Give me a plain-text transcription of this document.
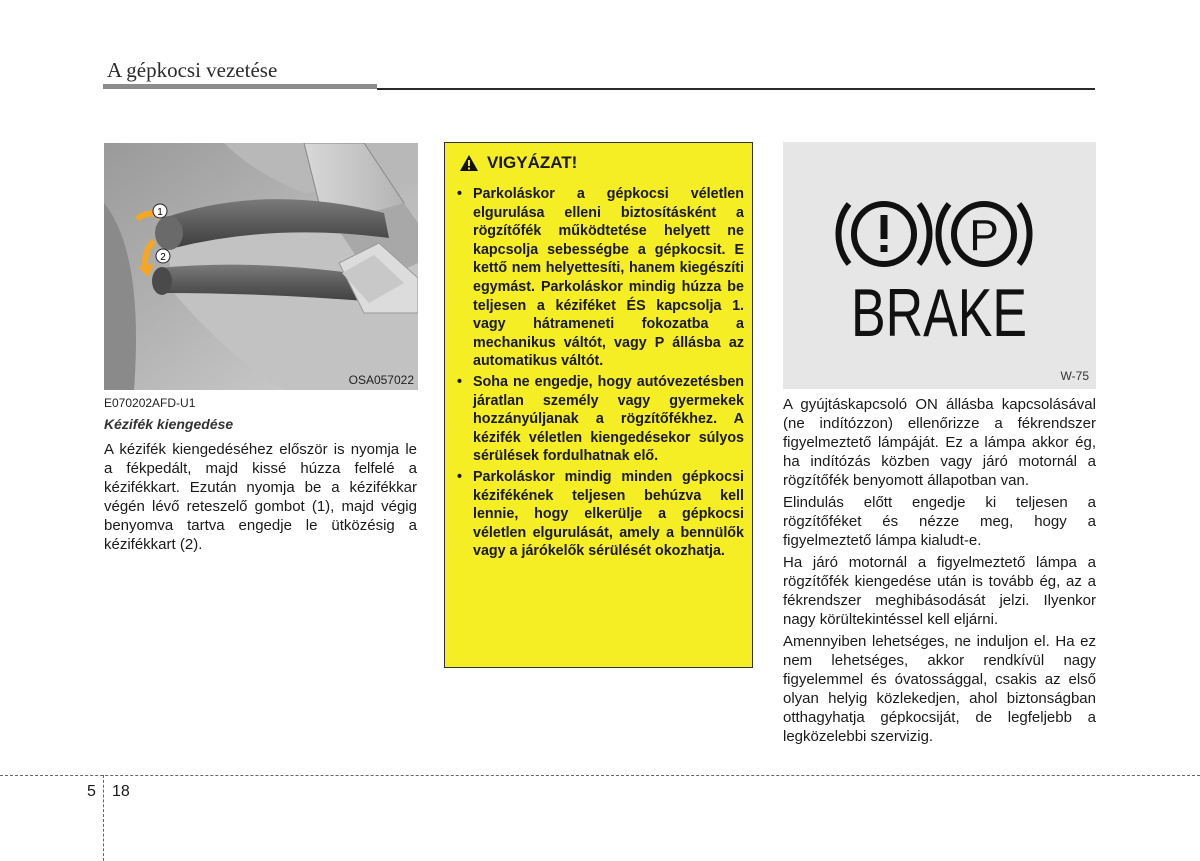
A gépkocsi vezetése
1
2
OSA057022
E070202AFD-U1
Kézifék kiengedése

A kézifék kiengedéséhez először is nyomja le a fékpedált, majd kissé húzza felfelé a kézifékkart. Ezután nyomja be a kézifékkar végén lévő reteszelő gombot (1), majd végig benyomva tartva engedje le ütközésig a kézifékkart (2).

VIGYÁZAT!
• Parkoláskor a gépkocsi véletlen elgurulása elleni biztosításként a rögzítőfék működtetése helyett ne kapcsolja sebességbe a gépkocsit. E kettő nem helyettesíti, hanem kiegészíti egymást. Parkoláskor mindig húzza be teljesen a kéziféket ÉS kapcsolja 1. vagy hátrameneti fokozatba a mechanikus váltót, vagy P állásba az automatikus váltót.
• Soha ne engedje, hogy autóvezetésben járatlan személy vagy gyermekek hozzányúljanak a rögzítőfékhez. A kézifék véletlen kiengedésekor súlyos sérülések fordulhatnak elő.
• Parkoláskor mindig minden gépkocsi kézifékének teljesen behúzva kell lennie, hogy elkerülje a gépkocsi véletlen elgurulását, amely a bennülők vagy a járókelők sérülését okozhatja.
P
BRAKE
W-75

A gyújtáskapcsoló ON állásba kapcsolásával (ne indítózzon) ellenőrizze a fékrendszer figyelmeztető lámpáját. Ez a lámpa akkor ég, ha indítózás közben vagy járó motornál a rögzítőfék benyomott állapotban van.

Elindulás előtt engedje ki teljesen a rögzítőféket és nézze meg, hogy a figyelmeztető lámpa kialudt-e.

Ha járó motornál a figyelmeztető lámpa a rögzítőfék kiengedése után is tovább ég, az a fékrendszer meghibásodását jelzi. Ilyenkor nagy körültekintéssel kell eljárni.

Amennyiben lehetséges, ne induljon el. Ha ez nem lehetséges, akkor rendkívül nagy figyelemmel és óvatossággal, csakis az első olyan helyig közlekedjen, ahol biztonságban otthagyhatja gépkocsiját, de legfeljebb a legközelebbi szervizig.

5 18
